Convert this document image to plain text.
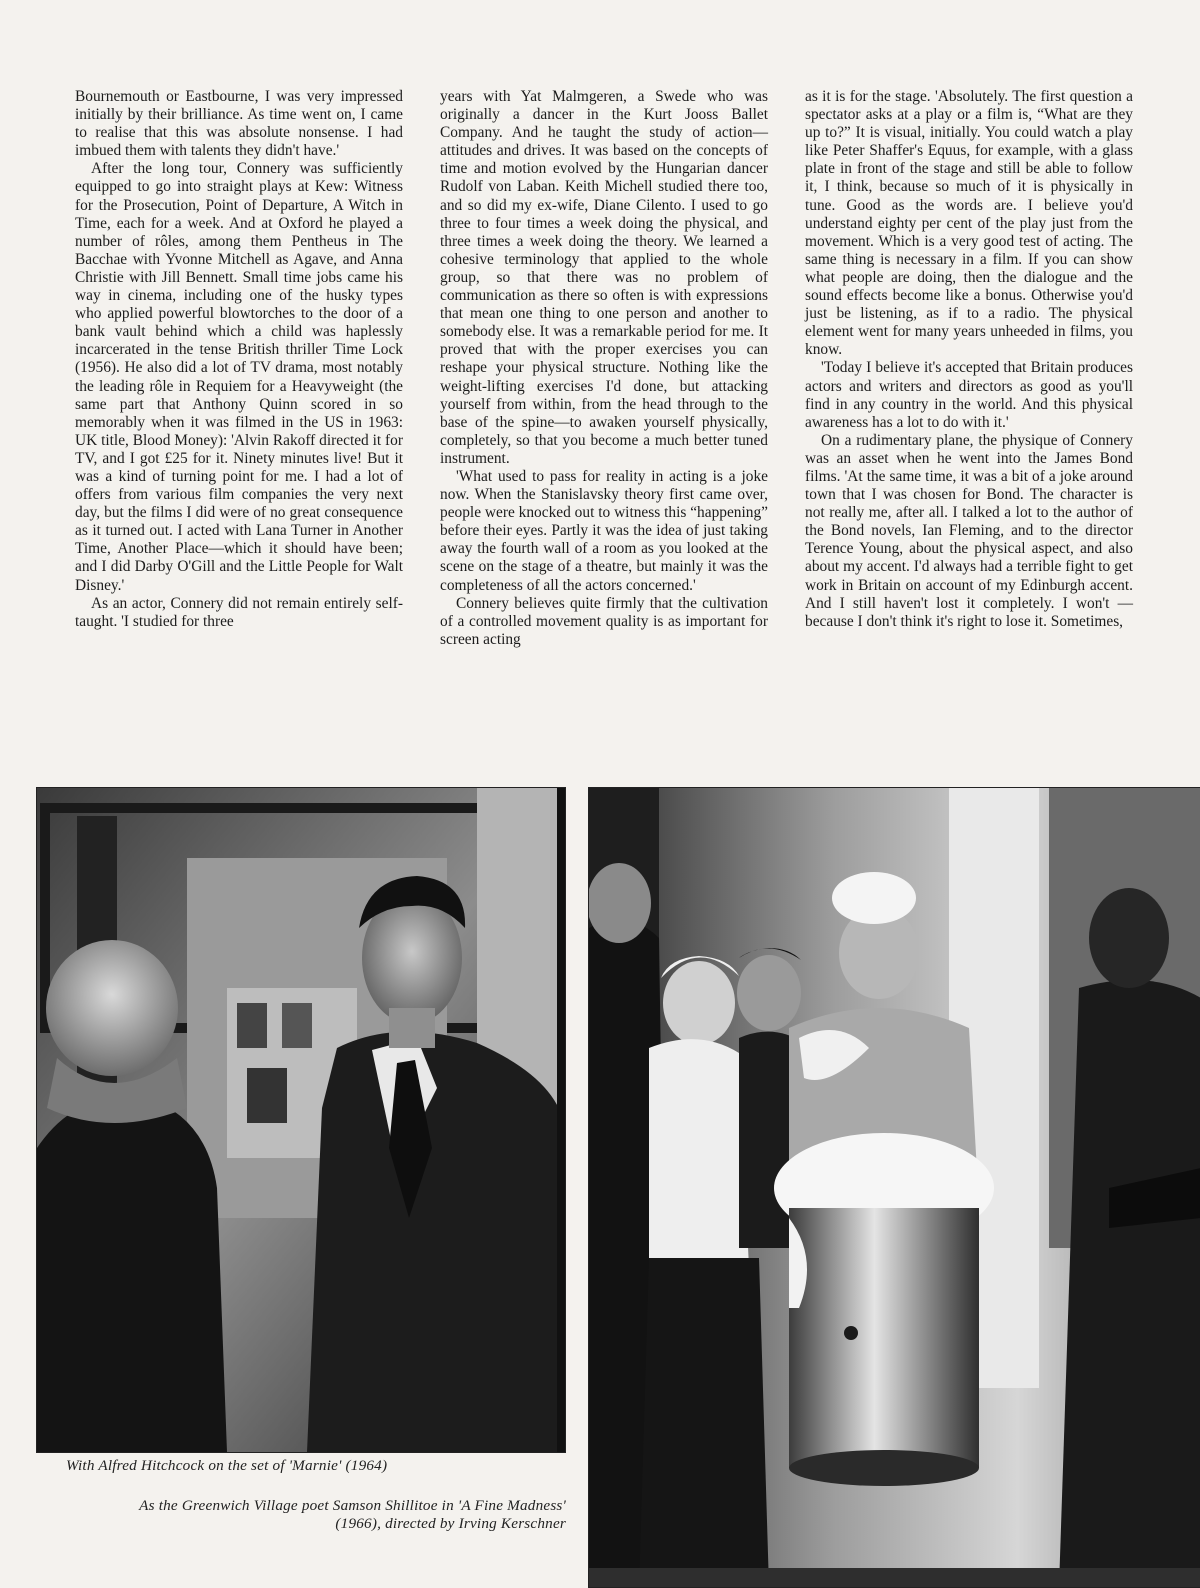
Bournemouth or Eastbourne, I was very impressed initially by their brilliance. As time went on, I came to realise that this was absolute nonsense. I had imbued them with talents they didn't have.'

After the long tour, Connery was sufficiently equipped to go into straight plays at Kew: Witness for the Prosecution, Point of Departure, A Witch in Time, each for a week. And at Oxford he played a number of rôles, among them Pentheus in The Bacchae with Yvonne Mitchell as Agave, and Anna Christie with Jill Bennett. Small time jobs came his way in cinema, including one of the husky types who applied powerful blowtorches to the door of a bank vault behind which a child was haplessly incarcerated in the tense British thriller Time Lock (1956). He also did a lot of TV drama, most notably the leading rôle in Requiem for a Heavyweight (the same part that Anthony Quinn scored in so memorably when it was filmed in the US in 1963: UK title, Blood Money): 'Alvin Rakoff directed it for TV, and I got £25 for it. Ninety minutes live! But it was a kind of turning point for me. I had a lot of offers from various film companies the very next day, but the films I did were of no great consequence as it turned out. I acted with Lana Turner in Another Time, Another Place—which it should have been; and I did Darby O'Gill and the Little People for Walt Disney.'

As an actor, Connery did not remain entirely self-taught. 'I studied for three

years with Yat Malmgeren, a Swede who was originally a dancer in the Kurt Jooss Ballet Company. And he taught the study of action—attitudes and drives. It was based on the concepts of time and motion evolved by the Hungarian dancer Rudolf von Laban. Keith Michell studied there too, and so did my ex-wife, Diane Cilento. I used to go three to four times a week doing the physical, and three times a week doing the theory. We learned a cohesive terminology that applied to the whole group, so that there was no problem of communication as there so often is with expressions that mean one thing to one person and another to somebody else. It was a remarkable period for me. It proved that with the proper exercises you can reshape your physical structure. Nothing like the weight-lifting exercises I'd done, but attacking yourself from within, from the head through to the base of the spine—to awaken yourself physically, completely, so that you become a much better tuned instrument.

'What used to pass for reality in acting is a joke now. When the Stanislavsky theory first came over, people were knocked out to witness this “happening” before their eyes. Partly it was the idea of just taking away the fourth wall of a room as you looked at the scene on the stage of a theatre, but mainly it was the completeness of all the actors concerned.'

Connery believes quite firmly that the cultivation of a controlled movement quality is as important for screen acting

as it is for the stage. 'Absolutely. The first question a spectator asks at a play or a film is, “What are they up to?” It is visual, initially. You could watch a play like Peter Shaffer's Equus, for example, with a glass plate in front of the stage and still be able to follow it, I think, because so much of it is physically in tune. Good as the words are. I believe you'd understand eighty per cent of the play just from the movement. Which is a very good test of acting. The same thing is necessary in a film. If you can show what people are doing, then the dialogue and the sound effects become like a bonus. Otherwise you'd just be listening, as if to a radio. The physical element went for many years unheeded in films, you know.

'Today I believe it's accepted that Britain produces actors and writers and directors as good as you'll find in any country in the world. And this physical awareness has a lot to do with it.'

On a rudimentary plane, the physique of Connery was an asset when he went into the James Bond films. 'At the same time, it was a bit of a joke around town that I was chosen for Bond. The character is not really me, after all. I talked a lot to the author of the Bond novels, Ian Fleming, and to the director Terence Young, about the physical aspect, and also about my accent. I'd always had a terrible fight to get work in Britain on account of my Edinburgh accent. And I still haven't lost it completely. I won't — because I don't think it's right to lose it. Sometimes,

With Alfred Hitchcock on the set of 'Marnie' (1964)
As the Greenwich Village poet Samson Shillitoe in 'A Fine Madness' (1966), directed by Irving Kerschner
